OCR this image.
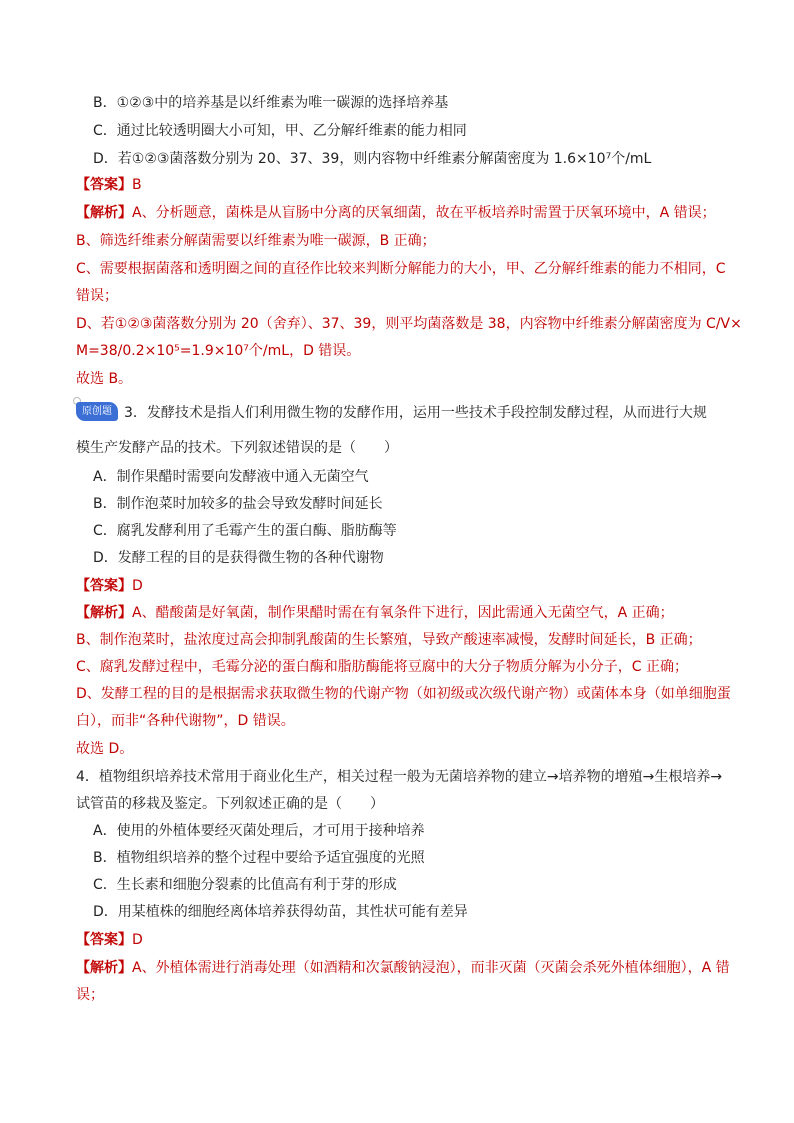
B．①②③中的培养基是以纤维素为唯一碳源的选择培养基
C．通过比较透明圈大小可知，甲、乙分解纤维素的能力相同
D．若①②③菌落数分别为 20、37、39，则内容物中纤维素分解菌密度为 1.6×10⁷个/mL
【答案】B
【解析】A、分析题意，菌株是从盲肠中分离的厌氧细菌，故在平板培养时需置于厌氧环境中，A 错误；
B、筛选纤维素分解菌需要以纤维素为唯一碳源，B 正确；
C、需要根据菌落和透明圈之间的直径作比较来判断分解能力的大小，甲、乙分解纤维素的能力不相同，C
错误；
D、若①②③菌落数分别为 20（舍弃）、37、39，则平均菌落数是 38，内容物中纤维素分解菌密度为 C/V×
M=38/0.2×10⁵=1.9×10⁷个/mL，D 错误。
故选 B。
原创题 3．发酵技术是指人们利用微生物的发酵作用，运用一些技术手段控制发酵过程，从而进行大规
模生产发酵产品的技术。下列叙述错误的是（　　）
A．制作果醋时需要向发酵液中通入无菌空气
B．制作泡菜时加较多的盐会导致发酵时间延长
C．腐乳发酵利用了毛霉产生的蛋白酶、脂肪酶等
D．发酵工程的目的是获得微生物的各种代谢物
【答案】D
【解析】A、醋酸菌是好氧菌，制作果醋时需在有氧条件下进行，因此需通入无菌空气，A 正确；
B、制作泡菜时，盐浓度过高会抑制乳酸菌的生长繁殖，导致产酸速率减慢，发酵时间延长，B 正确；
C、腐乳发酵过程中，毛霉分泌的蛋白酶和脂肪酶能将豆腐中的大分子物质分解为小分子，C 正确；
D、发酵工程的目的是根据需求获取微生物的代谢产物（如初级或次级代谢产物）或菌体本身（如单细胞蛋
白），而非“各种代谢物”，D 错误。
故选 D。
4．植物组织培养技术常用于商业化生产，相关过程一般为无菌培养物的建立→培养物的增殖→生根培养→
试管苗的移栽及鉴定。下列叙述正确的是（　　）
A．使用的外植体要经灭菌处理后，才可用于接种培养
B．植物组织培养的整个过程中要给予适宜强度的光照
C．生长素和细胞分裂素的比值高有利于芽的形成
D．用某植株的细胞经离体培养获得幼苗，其性状可能有差异
【答案】D
【解析】A、外植体需进行消毒处理（如酒精和次氯酸钠浸泡），而非灭菌（灭菌会杀死外植体细胞），A 错
误；
